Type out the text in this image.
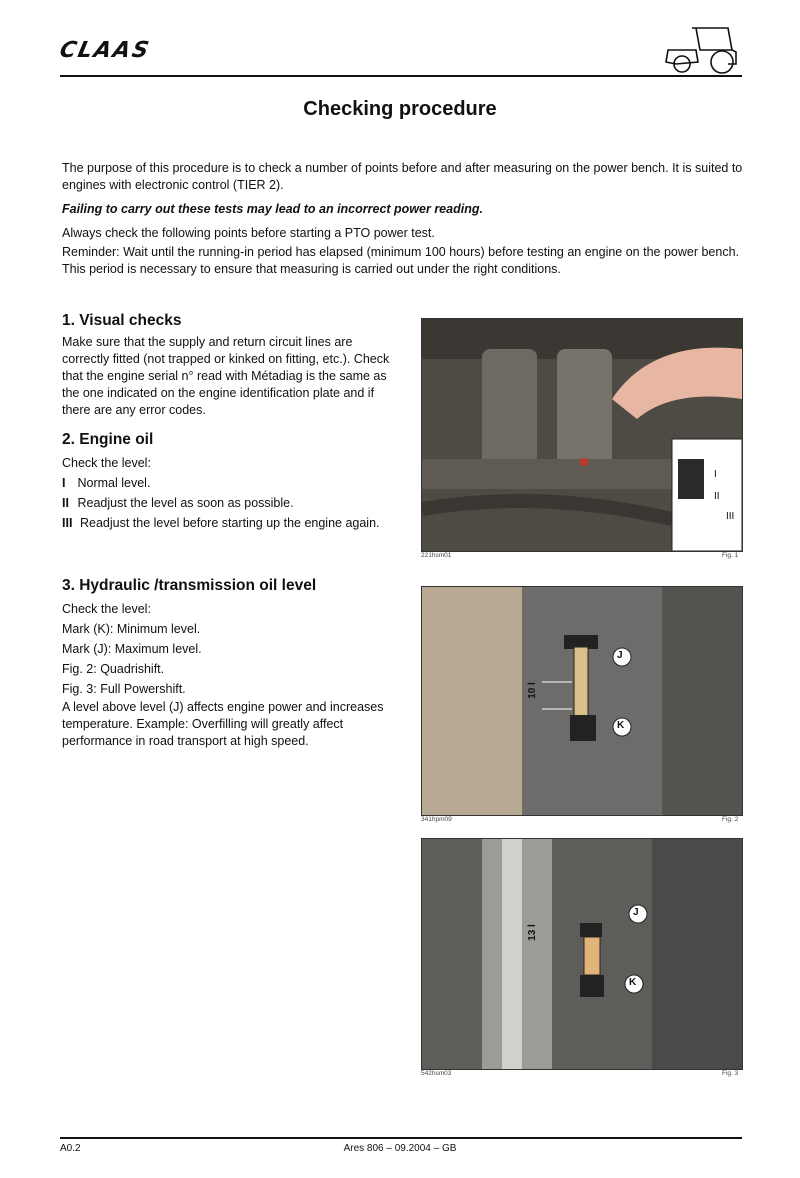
CLAAS
Checking procedure

The purpose of this procedure is to check a number of points before and after measuring on the power bench. It is suited to engines with electronic control (TIER 2).

Failing to carry out these tests may lead to an incorrect power reading.

Always check the following points before starting a PTO power test.

Reminder: Wait until the running-in period has elapsed (minimum 100 hours) before testing an engine on the power bench. This period is necessary to ensure that measuring is carried out under the right conditions.

1. Visual checks

Make sure that the supply and return circuit lines are correctly fitted (not trapped or kinked on fitting, etc.). Check that the engine serial n° read with Métadiag is the same as the one indicated on the engine identification plate and if there are any error codes.

2. Engine oil

Check the level:

I Normal level.

II Readjust the level as soon as possible.

III Readjust the level before starting up the engine again.

3. Hydraulic /transmission oil level

Check the level:

Mark (K): Minimum level.

Mark (J): Maximum level.

Fig. 2: Quadrishift.

Fig. 3: Full Powershift.

A level above level (J) affects engine power and increases temperature. Example: Overfilling will greatly affect performance in road transport at high speed.

I
II
III
221hsm01	Fig. 1
J
K
10 l
341hpm09	Fig. 2
J
K
13 l
542hsm03	Fig. 3
A0.2	Ares 806 – 09.2004 – GB
